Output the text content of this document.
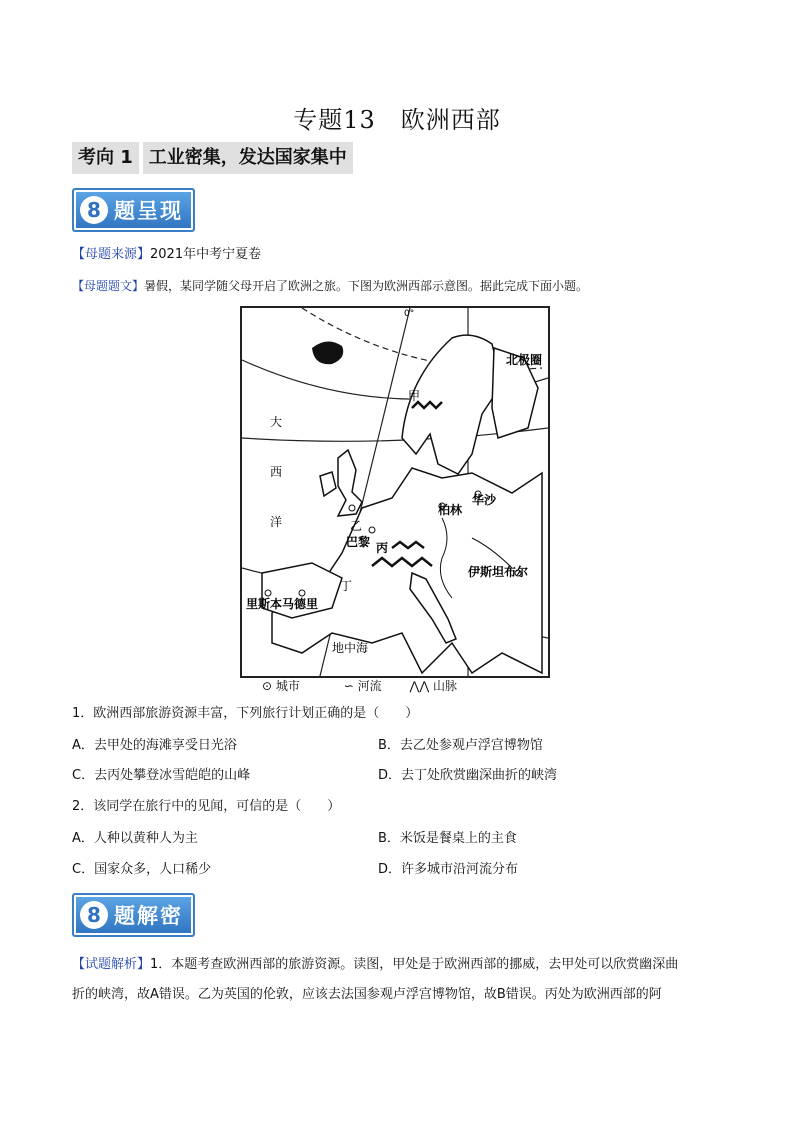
专题13　欧洲西部
考向 1 工业密集，发达国家集中
8 题呈现
【母题来源】2021年中考宁夏卷
【母题题文】暑假，某同学随父母开启了欧洲之旅。下图为欧洲西部示意图。据此完成下面小题。
0°
北极圈
甲
大
西
洋	乙
柏林
华沙
巴黎 丙
伊斯坦布尔
丁
里斯本 马德里
地中海
⊙ 城市	∽ 河流 ⋀⋀ 山脉
1．欧洲西部旅游资源丰富，下列旅行计划正确的是（　　）
A．去甲处的海滩享受日光浴	B．去乙处参观卢浮宫博物馆
C．去丙处攀登冰雪皑皑的山峰	D．去丁处欣赏幽深曲折的峡湾
2．该同学在旅行中的见闻，可信的是（　　）
A．人种以黄种人为主	B．米饭是餐桌上的主食
C．国家众多，人口稀少	D．许多城市沿河流分布
8 题解密
【试题解析】1．本题考查欧洲西部的旅游资源。读图，甲处是于欧洲西部的挪威，去甲处可以欣赏幽深曲
折的峡湾，故A错误。乙为英国的伦敦，应该去法国参观卢浮宫博物馆，故B错误。丙处为欧洲西部的阿
